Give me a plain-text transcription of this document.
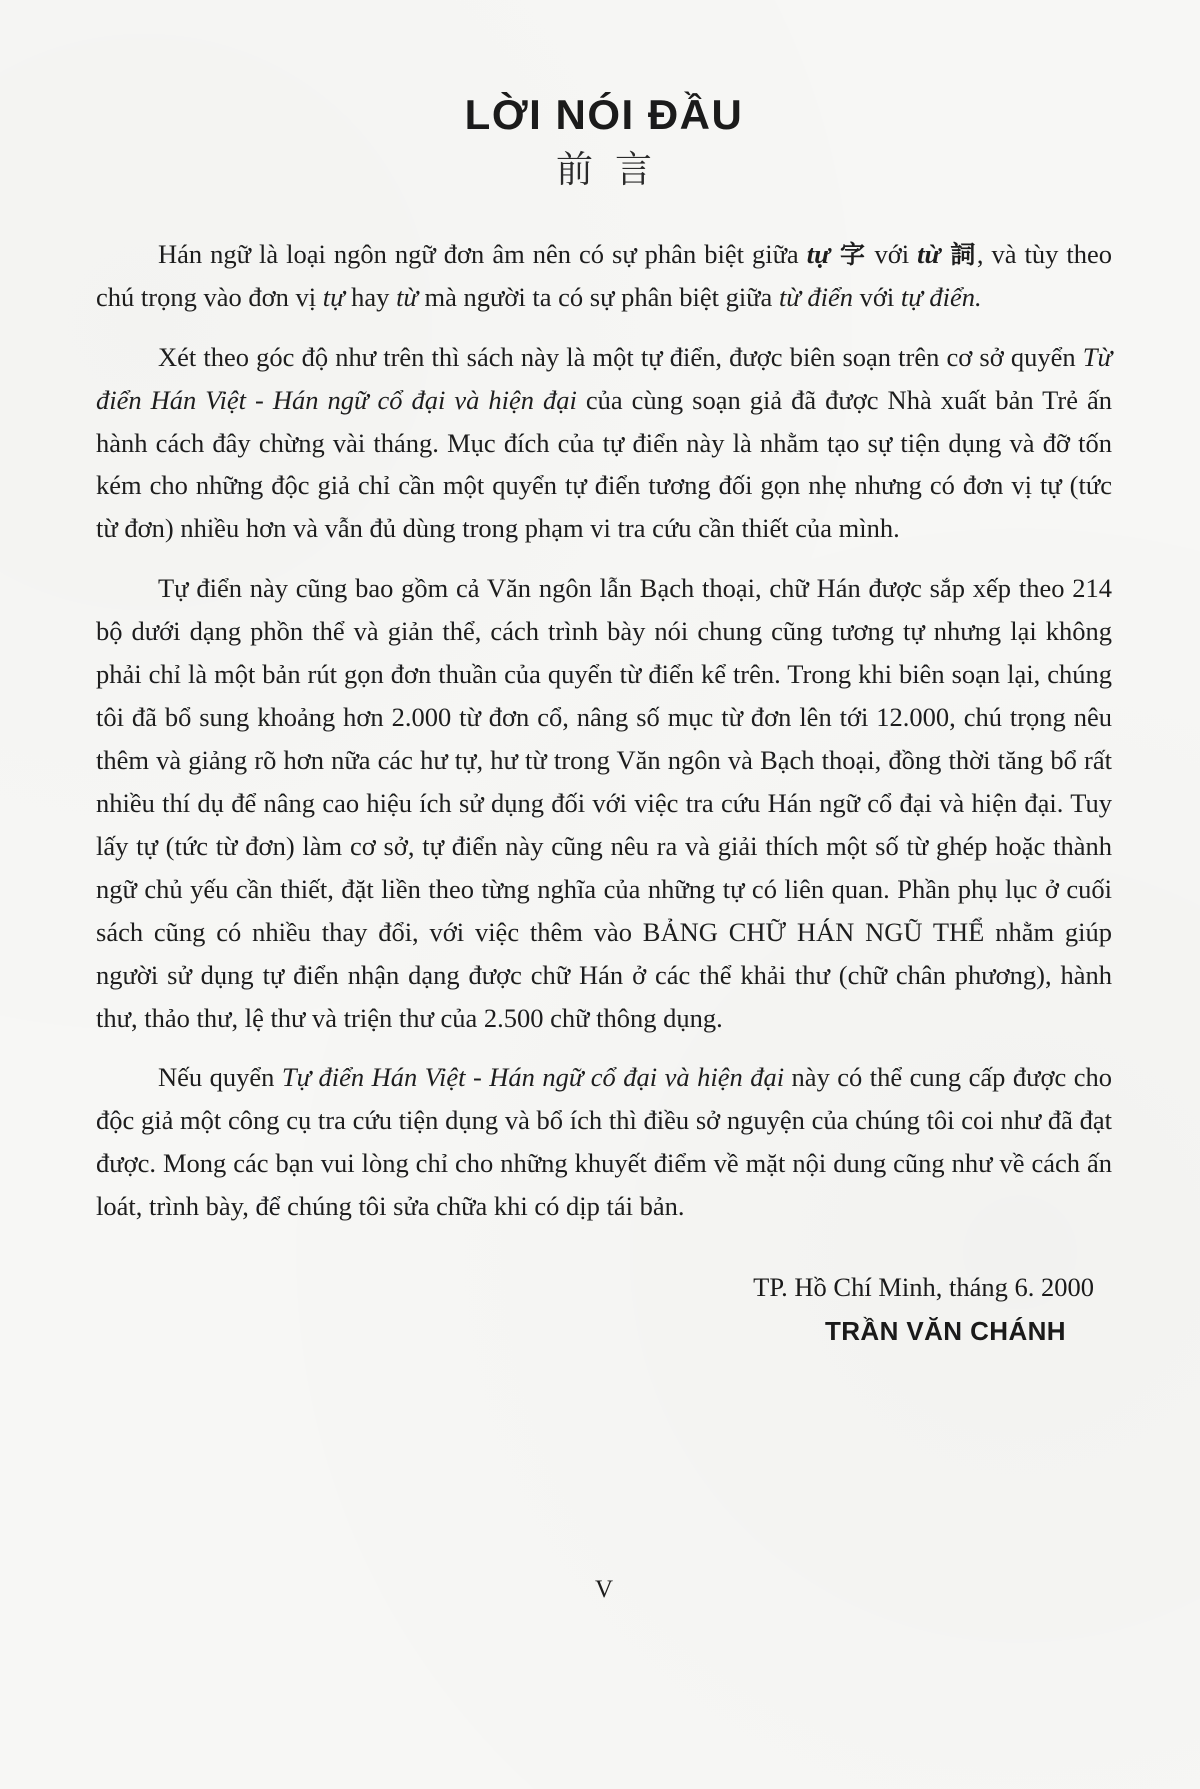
LỜI NÓI ĐẦU
前言

Hán ngữ là loại ngôn ngữ đơn âm nên có sự phân biệt giữa tự 字 với từ 詞, và tùy theo chú trọng vào đơn vị tự hay từ mà người ta có sự phân biệt giữa từ điển với tự điển.

Xét theo góc độ như trên thì sách này là một tự điển, được biên soạn trên cơ sở quyển Từ điển Hán Việt - Hán ngữ cổ đại và hiện đại của cùng soạn giả đã được Nhà xuất bản Trẻ ấn hành cách đây chừng vài tháng. Mục đích của tự điển này là nhằm tạo sự tiện dụng và đỡ tốn kém cho những độc giả chỉ cần một quyển tự điển tương đối gọn nhẹ nhưng có đơn vị tự (tức từ đơn) nhiều hơn và vẫn đủ dùng trong phạm vi tra cứu cần thiết của mình.

Tự điển này cũng bao gồm cả Văn ngôn lẫn Bạch thoại, chữ Hán được sắp xếp theo 214 bộ dưới dạng phồn thể và giản thể, cách trình bày nói chung cũng tương tự nhưng lại không phải chỉ là một bản rút gọn đơn thuần của quyển từ điển kể trên. Trong khi biên soạn lại, chúng tôi đã bổ sung khoảng hơn 2.000 từ đơn cổ, nâng số mục từ đơn lên tới 12.000, chú trọng nêu thêm và giảng rõ hơn nữa các hư tự, hư từ trong Văn ngôn và Bạch thoại, đồng thời tăng bổ rất nhiều thí dụ để nâng cao hiệu ích sử dụng đối với việc tra cứu Hán ngữ cổ đại và hiện đại. Tuy lấy tự (tức từ đơn) làm cơ sở, tự điển này cũng nêu ra và giải thích một số từ ghép hoặc thành ngữ chủ yếu cần thiết, đặt liền theo từng nghĩa của những tự có liên quan. Phần phụ lục ở cuối sách cũng có nhiều thay đổi, với việc thêm vào BẢNG CHỮ HÁN NGŨ THỂ nhằm giúp người sử dụng tự điển nhận dạng được chữ Hán ở các thể khải thư (chữ chân phương), hành thư, thảo thư, lệ thư và triện thư của 2.500 chữ thông dụng.

Nếu quyển Tự điển Hán Việt - Hán ngữ cổ đại và hiện đại này có thể cung cấp được cho độc giả một công cụ tra cứu tiện dụng và bổ ích thì điều sở nguyện của chúng tôi coi như đã đạt được. Mong các bạn vui lòng chỉ cho những khuyết điểm về mặt nội dung cũng như về cách ấn loát, trình bày, để chúng tôi sửa chữa khi có dịp tái bản.

TP. Hồ Chí Minh, tháng 6. 2000
TRẦN VĂN CHÁNH
V
